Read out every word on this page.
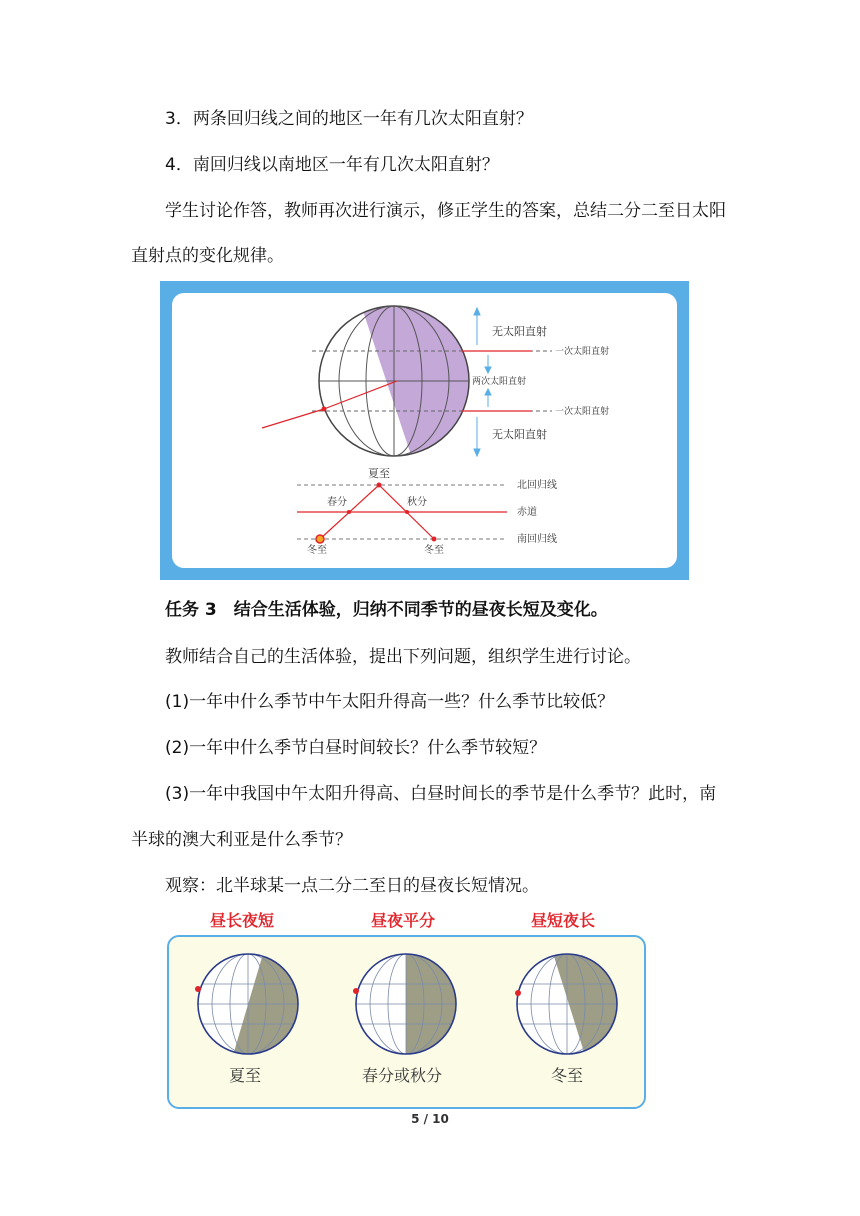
3．两条回归线之间的地区一年有几次太阳直射？
4．南回归线以南地区一年有几次太阳直射？
学生讨论作答，教师再次进行演示，修正学生的答案，总结二分二至日太阳
直射点的变化规律。
无太阳直射
一次太阳直射
两次太阳直射
一次太阳直射
无太阳直射
夏至
春分	秋分
冬至	冬至
北回归线
赤道
南回归线
任务 3　结合生活体验，归纳不同季节的昼夜长短及变化。
教师结合自己的生活体验，提出下列问题，组织学生进行讨论。
(1)一年中什么季节中午太阳升得高一些？什么季节比较低？
(2)一年中什么季节白昼时间较长？什么季节较短？
(3)一年中我国中午太阳升得高、白昼时间长的季节是什么季节？此时，南
半球的澳大利亚是什么季节？
观察：北半球某一点二分二至日的昼夜长短情况。
昼长夜短	昼夜平分	昼短夜长
夏至	春分或秋分	冬至
5 / 10
